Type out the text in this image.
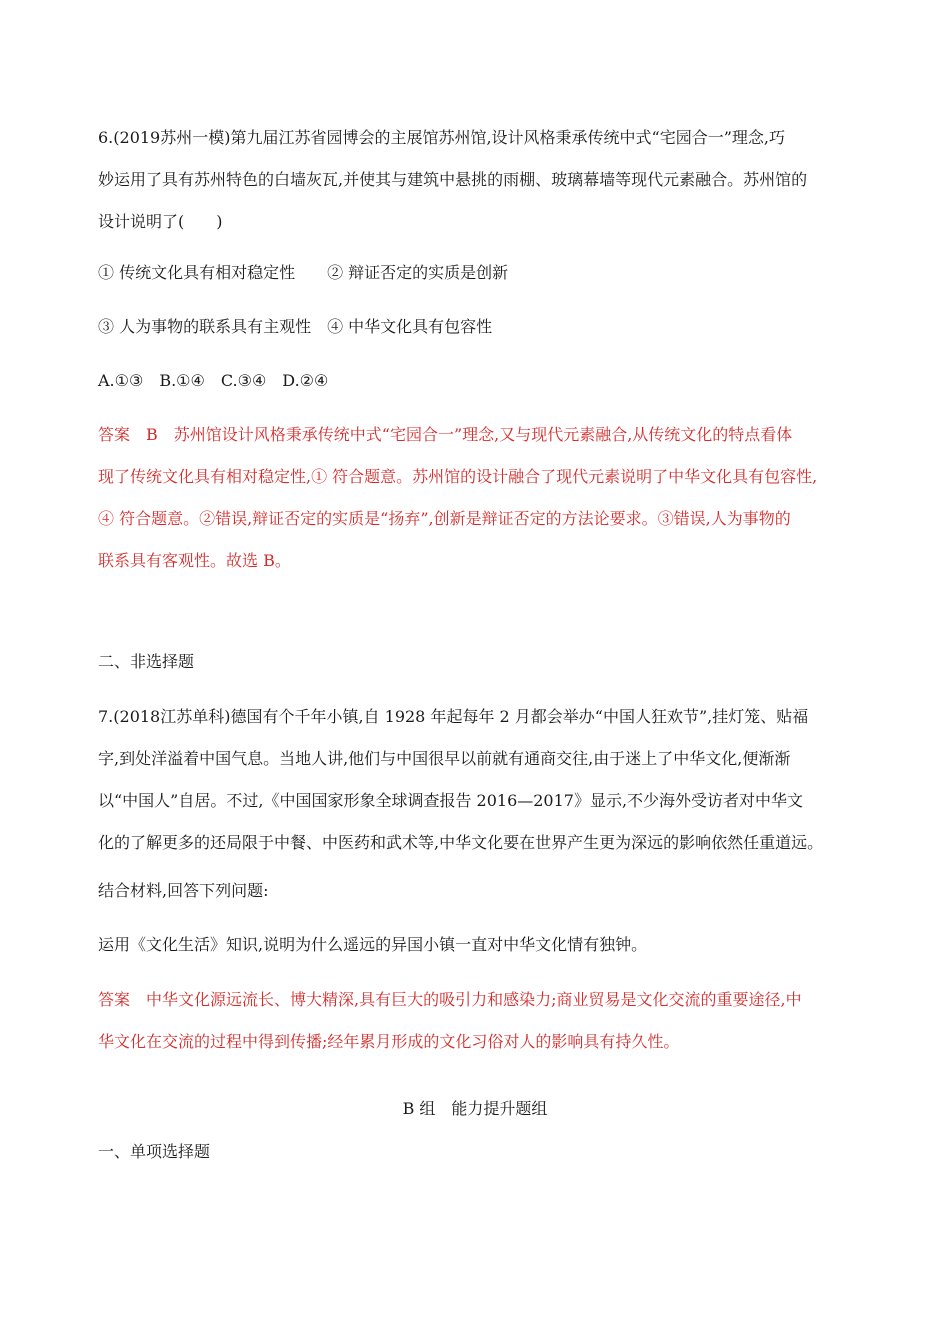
6.(2019苏州一模)第九届江苏省园博会的主展馆苏州馆,设计风格秉承传统中式“宅园合一”理念,巧
妙运用了具有苏州特色的白墙灰瓦,并使其与建筑中悬挑的雨棚、玻璃幕墙等现代元素融合。苏州馆的
设计说明了(　　)
① 传统文化具有相对稳定性　　② 辩证否定的实质是创新
③ 人为事物的联系具有主观性　④ 中华文化具有包容性
A.①③　B.①④　C.③④　D.②④
答案　B　苏州馆设计风格秉承传统中式“宅园合一”理念,又与现代元素融合,从传统文化的特点看体
现了传统文化具有相对稳定性,① 符合题意。苏州馆的设计融合了现代元素说明了中华文化具有包容性,
④ 符合题意。②错误,辩证否定的实质是“扬弃”,创新是辩证否定的方法论要求。③错误,人为事物的
联系具有客观性。故选 B。
二、非选择题
7.(2018江苏单科)德国有个千年小镇,自 1928 年起每年 2 月都会举办“中国人狂欢节”,挂灯笼、贴福
字,到处洋溢着中国气息。当地人讲,他们与中国很早以前就有通商交往,由于迷上了中华文化,便渐渐
以“中国人”自居。不过,《中国国家形象全球调查报告 2016—2017》显示,不少海外受访者对中华文
化的了解更多的还局限于中餐、中医药和武术等,中华文化要在世界产生更为深远的影响依然任重道远。
结合材料,回答下列问题:
运用《文化生活》知识,说明为什么遥远的异国小镇一直对中华文化情有独钟。
答案　中华文化源远流长、博大精深,具有巨大的吸引力和感染力;商业贸易是文化交流的重要途径,中
华文化在交流的过程中得到传播;经年累月形成的文化习俗对人的影响具有持久性。
B 组　能力提升题组
一、单项选择题
